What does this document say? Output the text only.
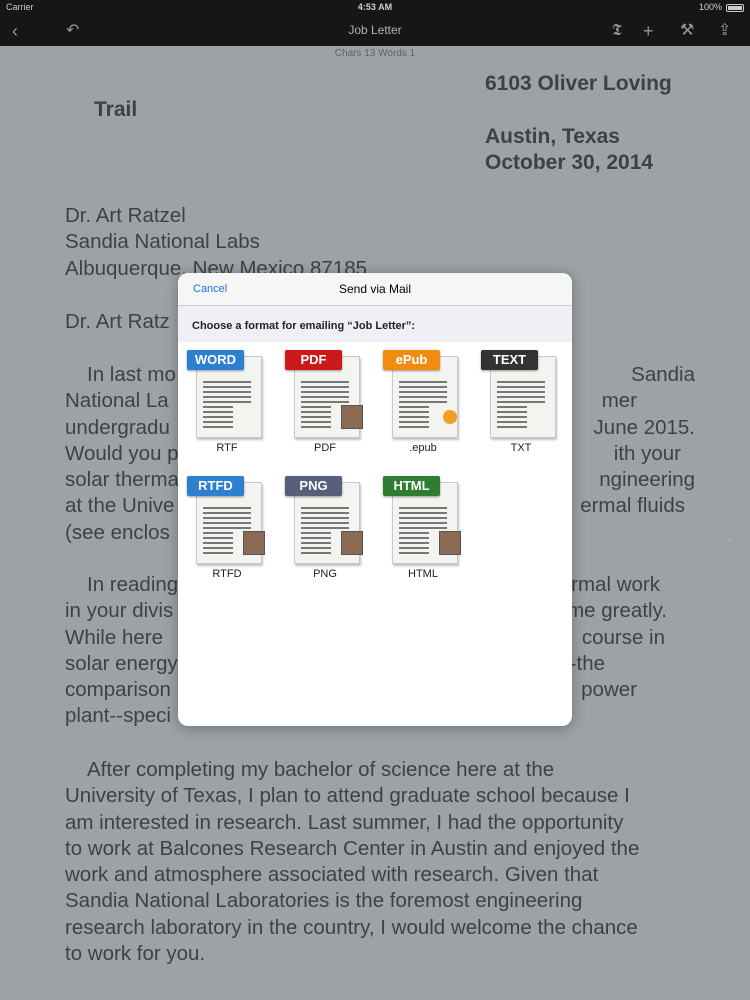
Carrier	4:53 AM	100%
‹	↶	Job Letter	𝕿 + ⚒ ⇪
▲
1
2
▼
Cancel	Send via Mail
Choose a format for emailing “Job Letter”:
WORD
RTF
PDF
PDF
ePub
.epub
TEXT
TXT
RTFD
RTFD
PNG
PNG
HTML
HTML
